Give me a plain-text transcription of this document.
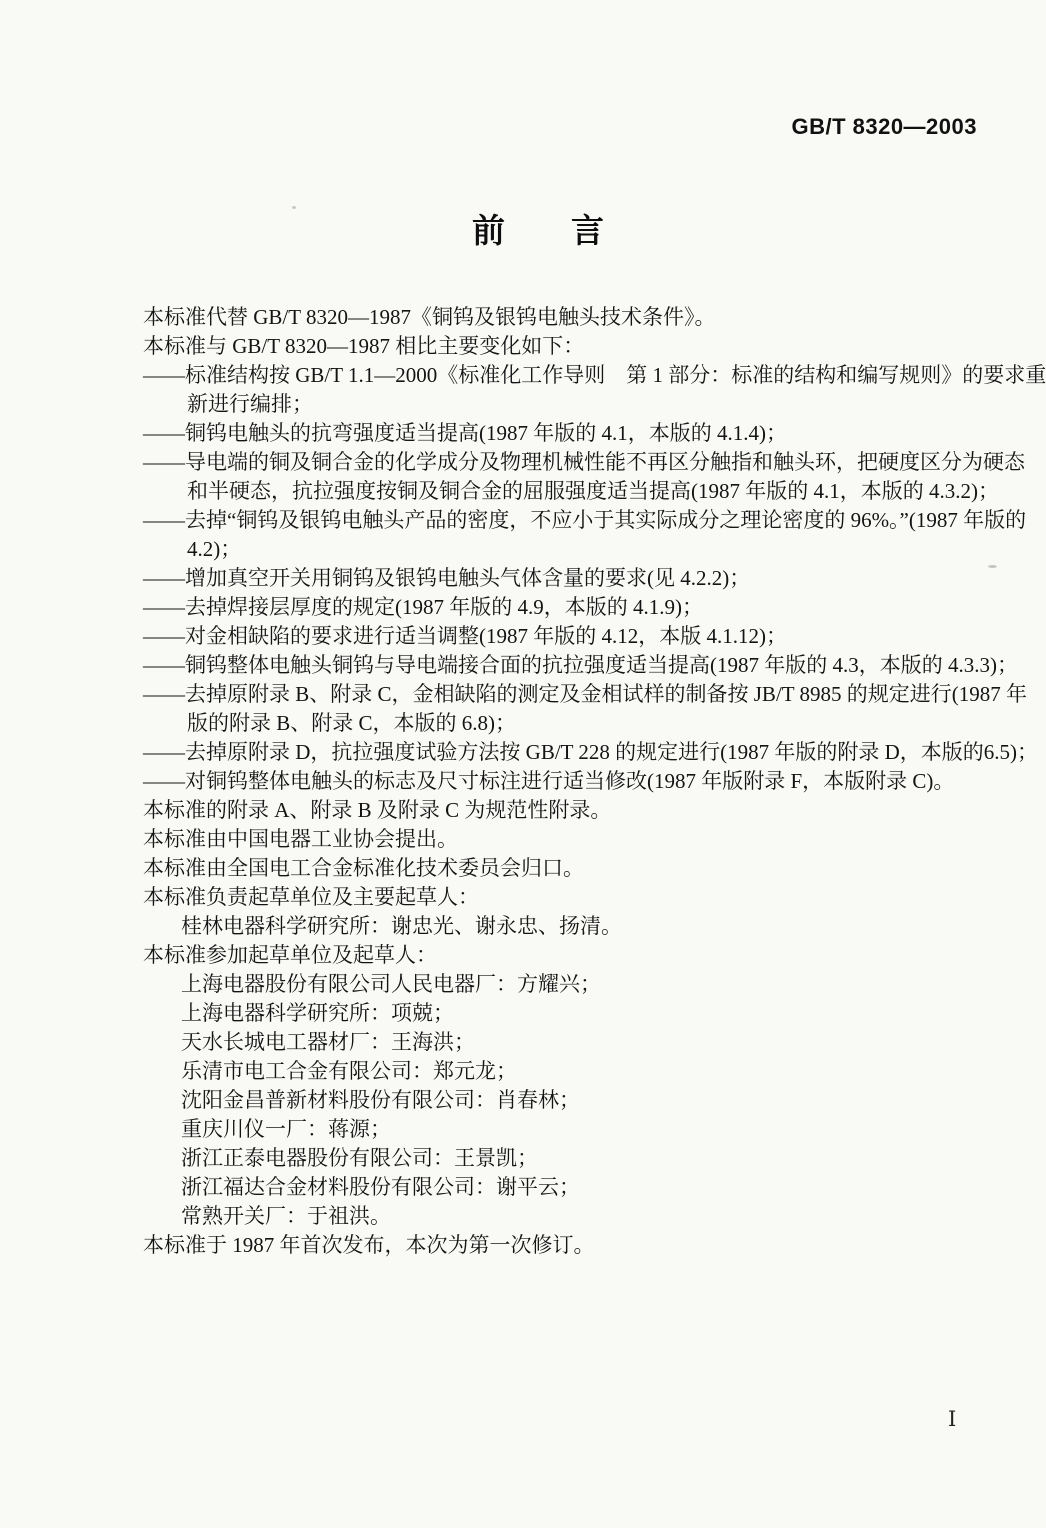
GB/T 8320—2003
前　　言
本标准代替 GB/T 8320—1987《铜钨及银钨电触头技术条件》。
本标准与 GB/T 8320—1987 相比主要变化如下：
——标准结构按 GB/T 1.1—2000《标准化工作导则　第 1 部分：标准的结构和编写规则》的要求重
新进行编排；
——铜钨电触头的抗弯强度适当提高(1987 年版的 4.1，本版的 4.1.4)；
——导电端的铜及铜合金的化学成分及物理机械性能不再区分触指和触头环，把硬度区分为硬态
和半硬态，抗拉强度按铜及铜合金的屈服强度适当提高(1987 年版的 4.1，本版的 4.3.2)；
——去掉“铜钨及银钨电触头产品的密度，不应小于其实际成分之理论密度的 96%。”(1987 年版的
4.2)；
——增加真空开关用铜钨及银钨电触头气体含量的要求(见 4.2.2)；
——去掉焊接层厚度的规定(1987 年版的 4.9，本版的 4.1.9)；
——对金相缺陷的要求进行适当调整(1987 年版的 4.12，本版 4.1.12)；
——铜钨整体电触头铜钨与导电端接合面的抗拉强度适当提高(1987 年版的 4.3，本版的 4.3.3)；
——去掉原附录 B、附录 C，金相缺陷的测定及金相试样的制备按 JB/T 8985 的规定进行(1987 年
版的附录 B、附录 C，本版的 6.8)；
——去掉原附录 D，抗拉强度试验方法按 GB/T 228 的规定进行(1987 年版的附录 D，本版的6.5)；
——对铜钨整体电触头的标志及尺寸标注进行适当修改(1987 年版附录 F，本版附录 C)。
本标准的附录 A、附录 B 及附录 C 为规范性附录。
本标准由中国电器工业协会提出。
本标准由全国电工合金标准化技术委员会归口。
本标准负责起草单位及主要起草人：
桂林电器科学研究所：谢忠光、谢永忠、扬清。
本标准参加起草单位及起草人：
上海电器股份有限公司人民电器厂：方耀兴；
上海电器科学研究所：项兢；
天水长城电工器材厂：王海洪；
乐清市电工合金有限公司：郑元龙；
沈阳金昌普新材料股份有限公司：肖春林；
重庆川仪一厂：蒋源；
浙江正泰电器股份有限公司：王景凯；
浙江福达合金材料股份有限公司：谢平云；
常熟开关厂：于祖洪。
本标准于 1987 年首次发布，本次为第一次修订。
Ⅰ
